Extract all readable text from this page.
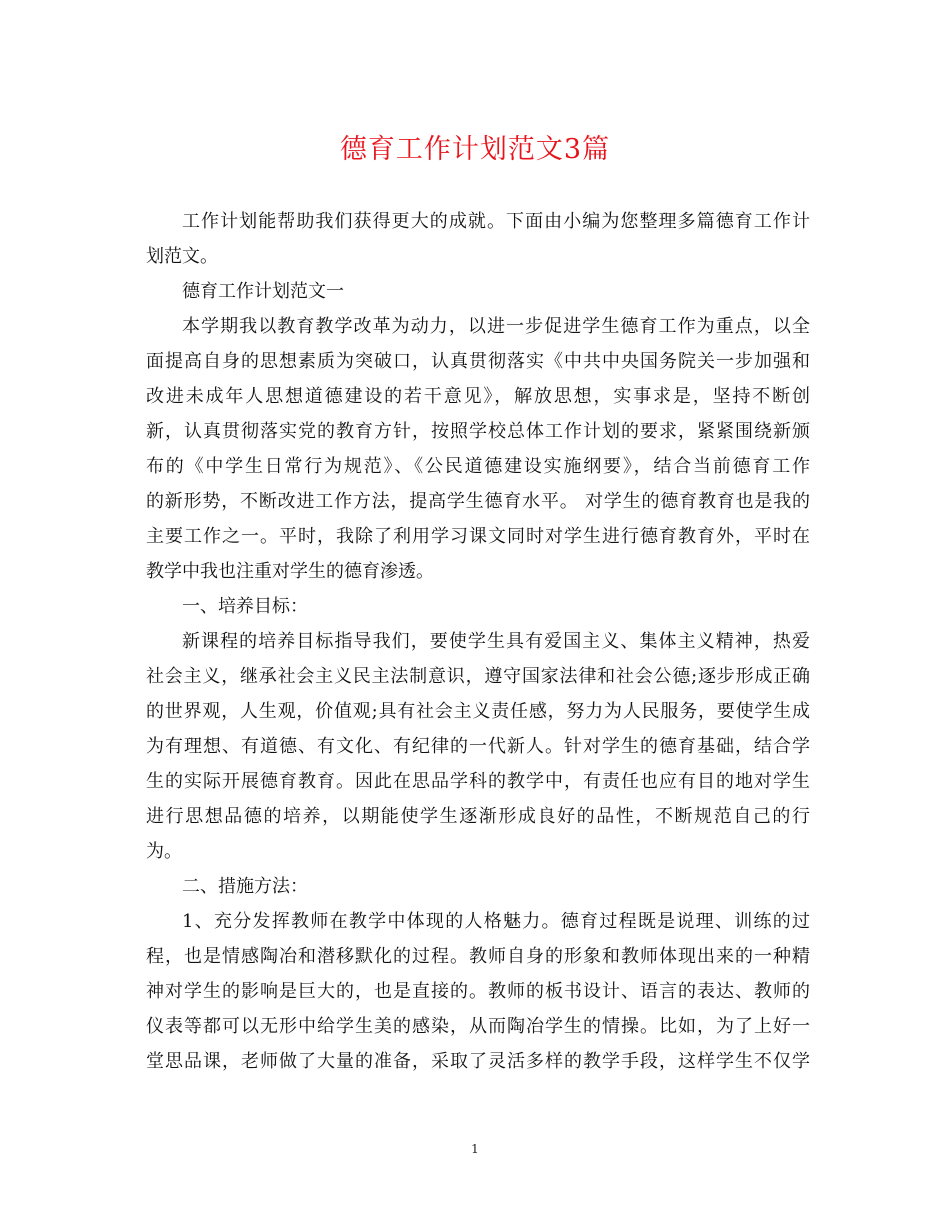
德育工作计划范文3篇
工作计划能帮助我们获得更大的成就。下面由小编为您整理多篇德育工作计
划范文。
德育工作计划范文一
本学期我以教育教学改革为动力，以进一步促进学生德育工作为重点，以全
面提高自身的思想素质为突破口，认真贯彻落实《中共中央国务院关一步加强和
改进未成年人思想道德建设的若干意见》，解放思想，实事求是，坚持不断创
新，认真贯彻落实党的教育方针，按照学校总体工作计划的要求，紧紧围绕新颁
布的《中学生日常行为规范》、《公民道德建设实施纲要》，结合当前德育工作
的新形势，不断改进工作方法，提高学生德育水平。 对学生的德育教育也是我的
主要工作之一。平时，我除了利用学习课文同时对学生进行德育教育外，平时在
教学中我也注重对学生的德育渗透。
一、培养目标：
新课程的培养目标指导我们，要使学生具有爱国主义、集体主义精神，热爱
社会主义，继承社会主义民主法制意识，遵守国家法律和社会公德;逐步形成正确
的世界观，人生观，价值观;具有社会主义责任感，努力为人民服务，要使学生成
为有理想、有道德、有文化、有纪律的一代新人。针对学生的德育基础，结合学
生的实际开展德育教育。因此在思品学科的教学中，有责任也应有目的地对学生
进行思想品德的培养，以期能使学生逐渐形成良好的品性，不断规范自己的行
为。
二、措施方法：
1、充分发挥教师在教学中体现的人格魅力。德育过程既是说理、训练的过
程，也是情感陶冶和潜移默化的过程。教师自身的形象和教师体现出来的一种精
神对学生的影响是巨大的，也是直接的。教师的板书设计、语言的表达、教师的
仪表等都可以无形中给学生美的感染，从而陶冶学生的情操。比如，为了上好一
堂思品课，老师做了大量的准备，采取了灵活多样的教学手段，这样学生不仅学
1
